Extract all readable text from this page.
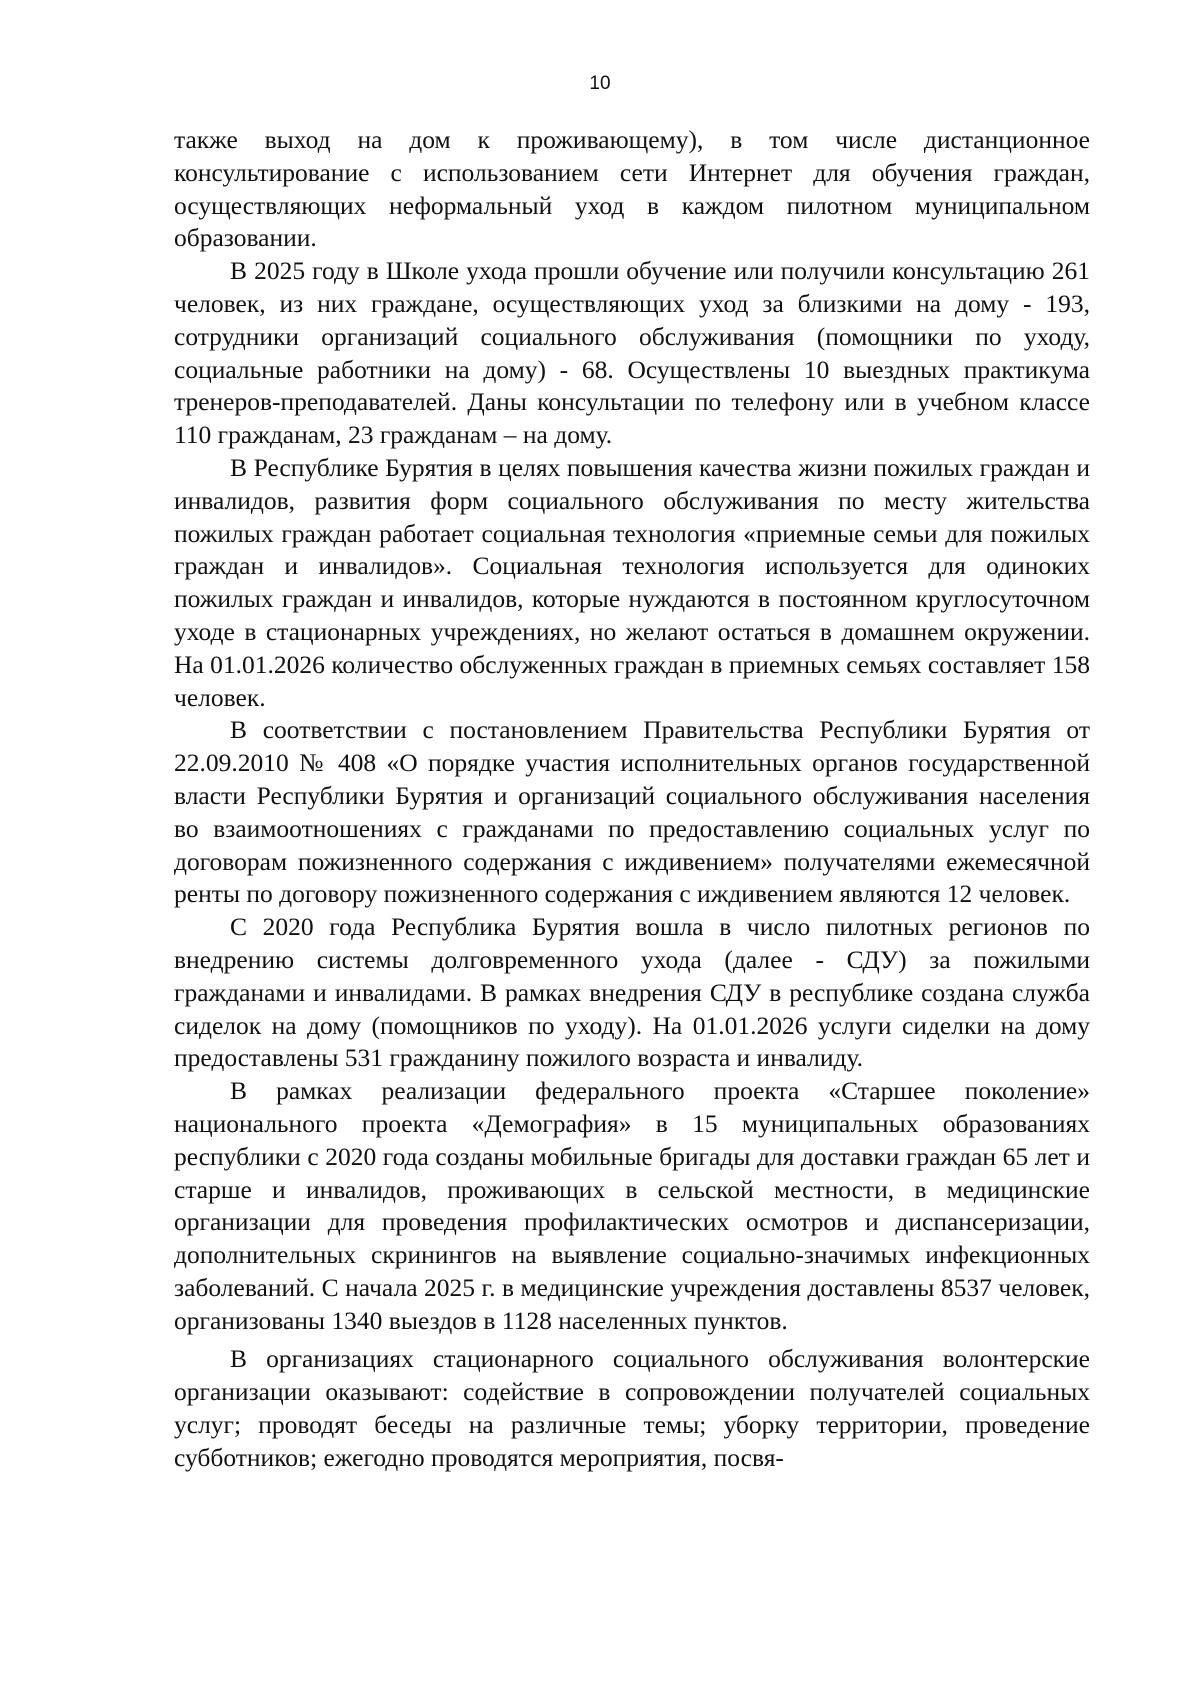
10

также выход на дом к проживающему), в том числе дистанционное консультирование с использованием сети Интернет для обучения граждан, осуществляющих неформальный уход в каждом пилотном муниципальном образовании.

В 2025 году в Школе ухода прошли обучение или получили консультацию 261 человек, из них граждане, осуществляющих уход за близкими на дому - 193, сотрудники организаций социального обслуживания (помощники по уходу, социальные работники на дому) - 68. Осуществлены 10 выездных практикума тренеров-преподавателей. Даны консультации по телефону или в учебном классе 110 гражданам, 23 гражданам – на дому.

В Республике Бурятия в целях повышения качества жизни пожилых граждан и инвалидов, развития форм социального обслуживания по месту жительства пожилых граждан работает социальная технология «приемные семьи для пожилых граждан и инвалидов». Социальная технология используется для одиноких пожилых граждан и инвалидов, которые нуждаются в постоянном круглосуточном уходе в стационарных учреждениях, но желают остаться в домашнем окружении. На 01.01.2026 количество обслуженных граждан в приемных семьях составляет 158 человек.

В соответствии с постановлением Правительства Республики Бурятия от 22.09.2010 № 408 «О порядке участия исполнительных органов государственной власти Республики Бурятия и организаций социального обслуживания населения во взаимоотношениях с гражданами по предоставлению социальных услуг по договорам пожизненного содержания с иждивением» получателями ежемесячной ренты по договору пожизненного содержания с иждивением являются 12 человек.

С 2020 года Республика Бурятия вошла в число пилотных регионов по внедрению системы долговременного ухода (далее - СДУ) за пожилыми гражданами и инвалидами. В рамках внедрения СДУ в республике создана служба сиделок на дому (помощников по уходу). На 01.01.2026 услуги сиделки на дому предоставлены 531 гражданину пожилого возраста и инвалиду.

В рамках реализации федерального проекта «Старшее поколение» национального проекта «Демография» в 15 муниципальных образованиях республики с 2020 года созданы мобильные бригады для доставки граждан 65 лет и старше и инвалидов, проживающих в сельской местности, в медицинские организации для проведения профилактических осмотров и диспансеризации, дополнительных скринингов на выявление социально-значимых инфекционных заболеваний. С начала 2025 г. в медицинские учреждения доставлены 8537 человек, организованы 1340 выездов в 1128 населенных пунктов.

В организациях стационарного социального обслуживания волонтерские организации оказывают: содействие в сопровождении получателей социальных услуг; проводят беседы на различные темы; уборку территории, проведение субботников; ежегодно проводятся мероприятия, посвя-
